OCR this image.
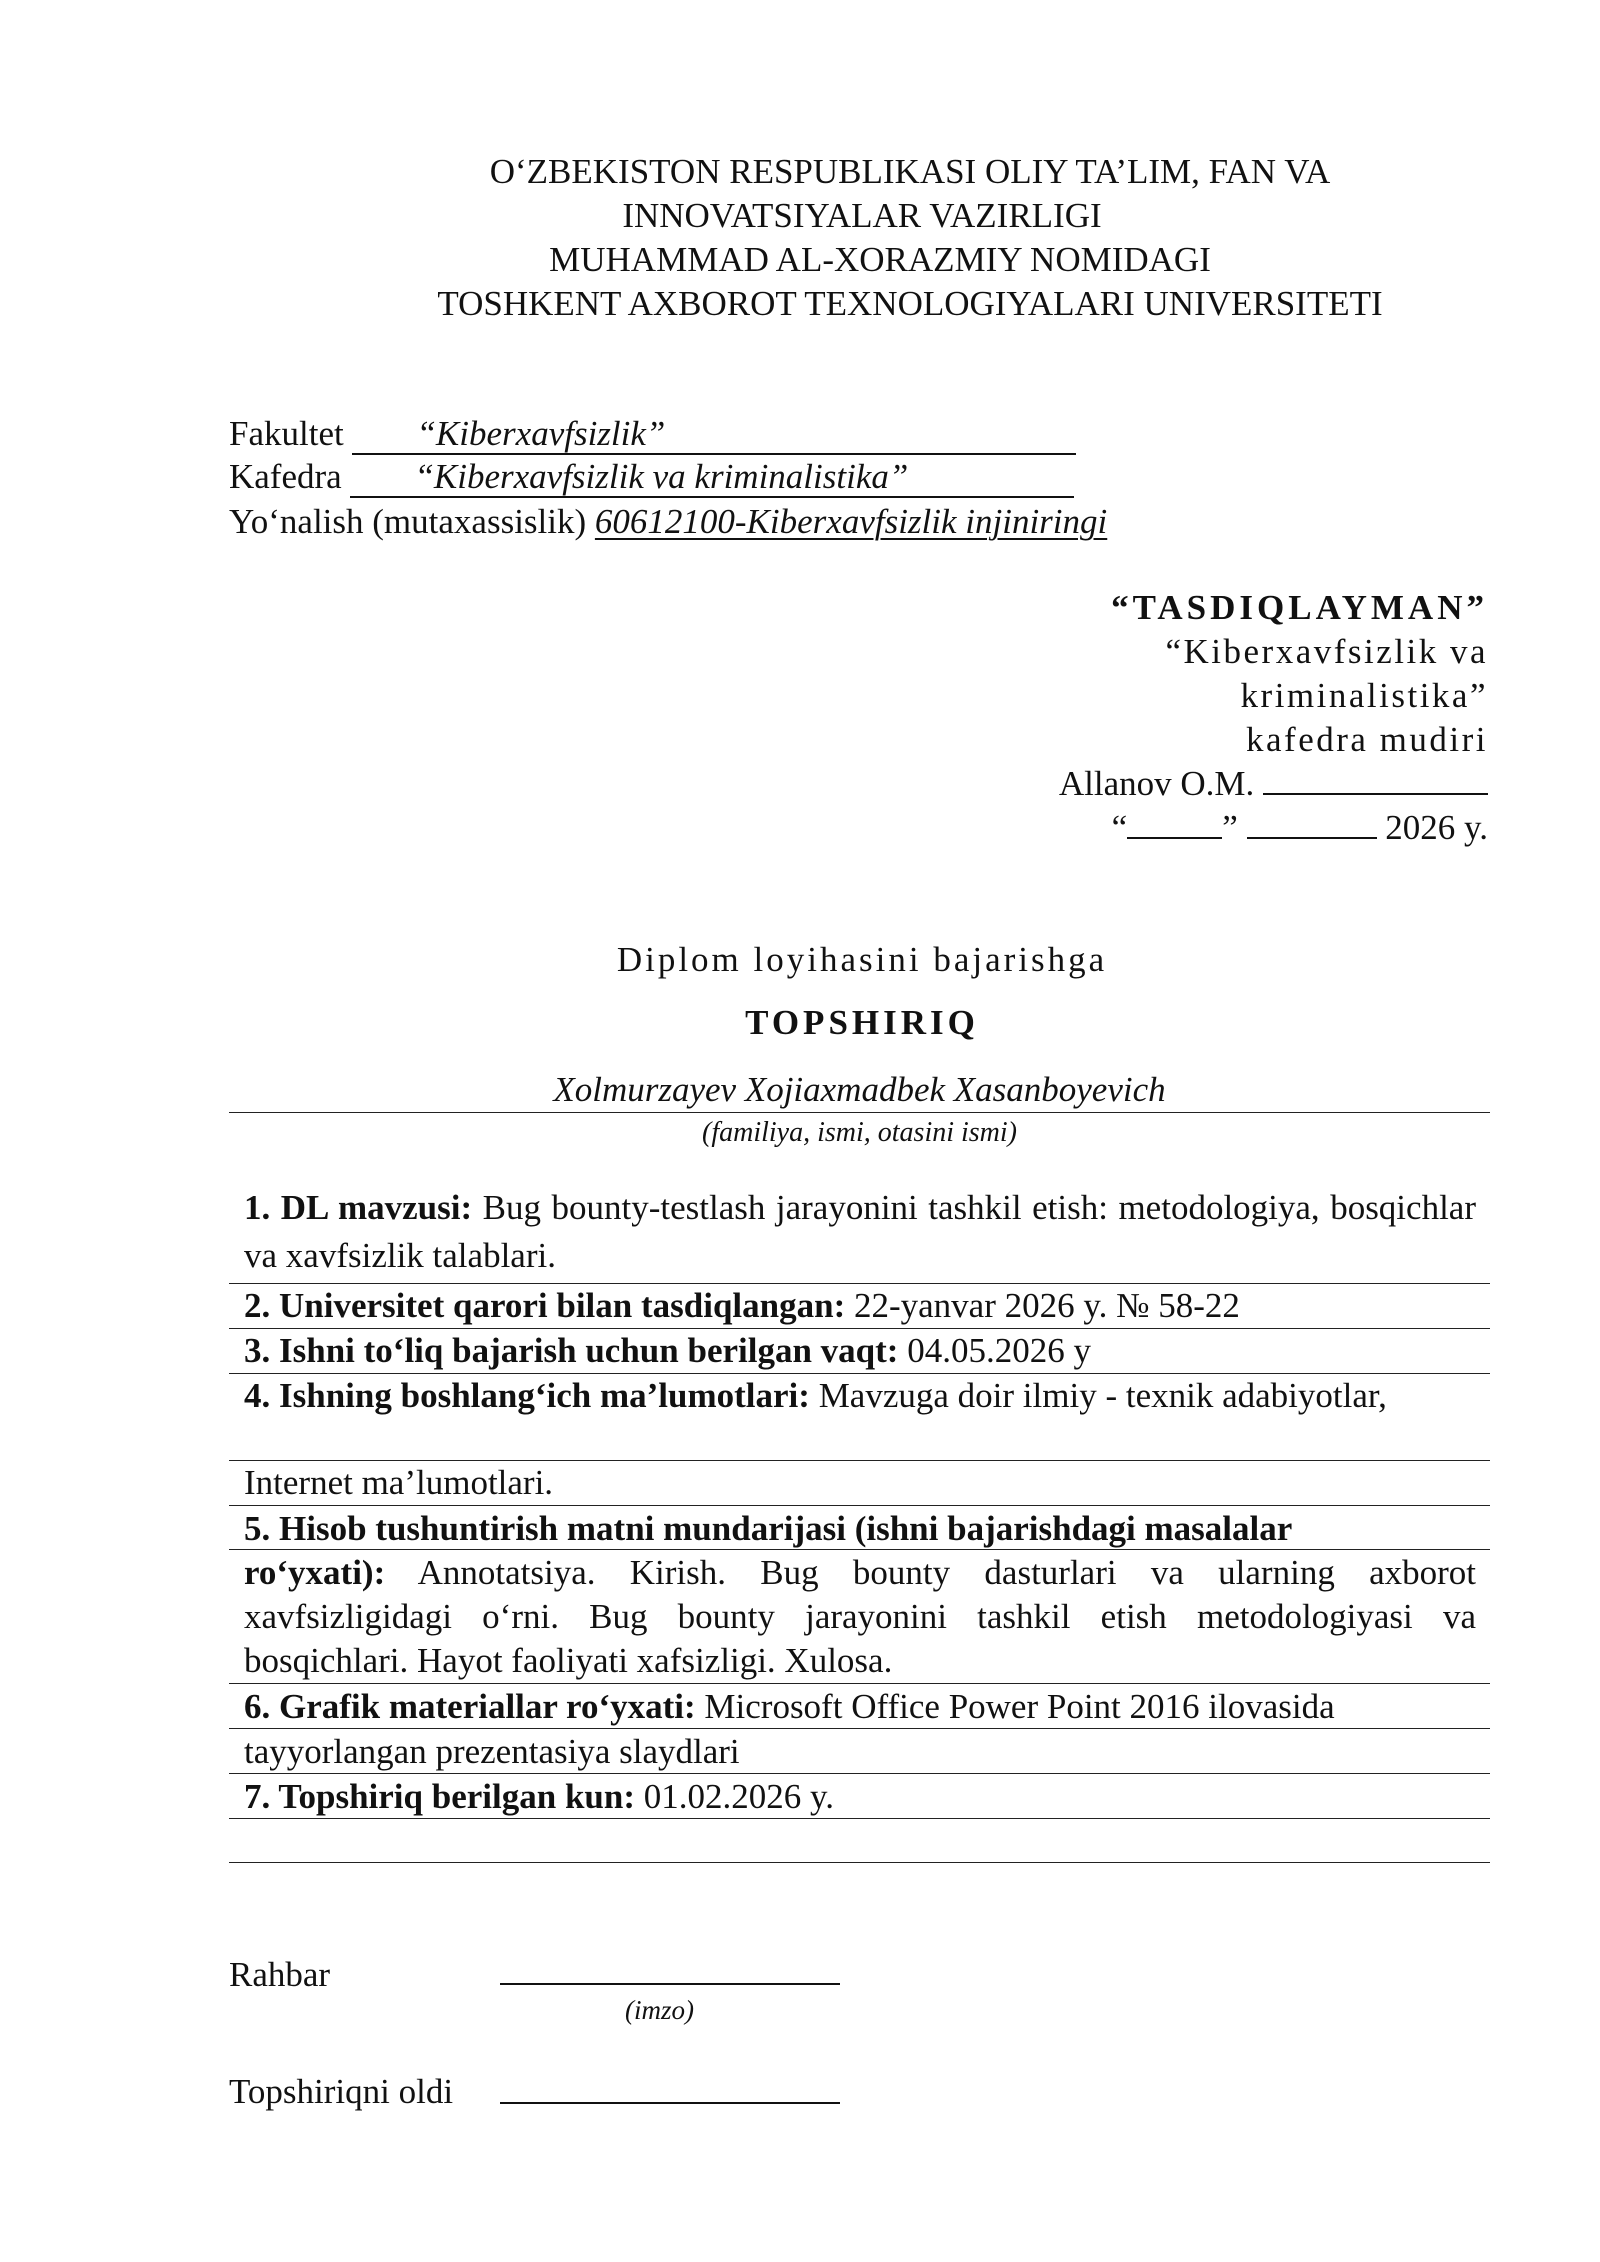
O‘ZBEKISTON RESPUBLIKASI OLIY TA’LIM, FAN VA
INNOVATSIYALAR VAZIRLIGI
MUHAMMAD AL-XORAZMIY NOMIDAGI
TOSHKENT AXBOROT TEXNOLOGIYALARI UNIVERSITETI
Fakultet “Kiberxavfsizlik”
Kafedra “Kiberxavfsizlik va kriminalistika”
Yo‘nalish (mutaxassislik) 60612100-Kiberxavfsizlik injiniringi
“TASDIQLAYMAN”
“Kiberxavfsizlik va
kriminalistika”
kafedra mudiri
Allanov O.M.
“	”	2026 y.
Diplom loyihasini bajarishga
TOPSHIRIQ
Xolmurzayev Xojiaxmadbek Xasanboyevich
(familiya, ismi, otasini ismi)
1. DL mavzusi: Bug bounty-testlash jarayonini tashkil etish: metodologiya, bosqichlar va xavfsizlik talablari.
2. Universitet qarori bilan tasdiqlangan: 22-yanvar 2026 y. № 58-22
3. Ishni to‘liq bajarish uchun berilgan vaqt: 04.05.2026 y
4. Ishning boshlang‘ich ma’lumotlari: Mavzuga doir ilmiy - texnik adabiyotlar,
Internet ma’lumotlari.
5. Hisob tushuntirish matni mundarijasi (ishni bajarishdagi masalalar
ro‘yxati): Annotatsiya. Kirish. Bug bounty dasturlari va ularning axborot xavfsizligidagi o‘rni. Bug bounty jarayonini tashkil etish metodologiyasi va bosqichlari. Hayot faoliyati xafsizligi. Xulosa.
6. Grafik materiallar ro‘yxati: Microsoft Office Power Point 2016 ilovasida
tayyorlangan prezentasiya slaydlari
7. Topshiriq berilgan kun: 01.02.2026 y.
Rahbar
(imzo)
Topshiriqni oldi
